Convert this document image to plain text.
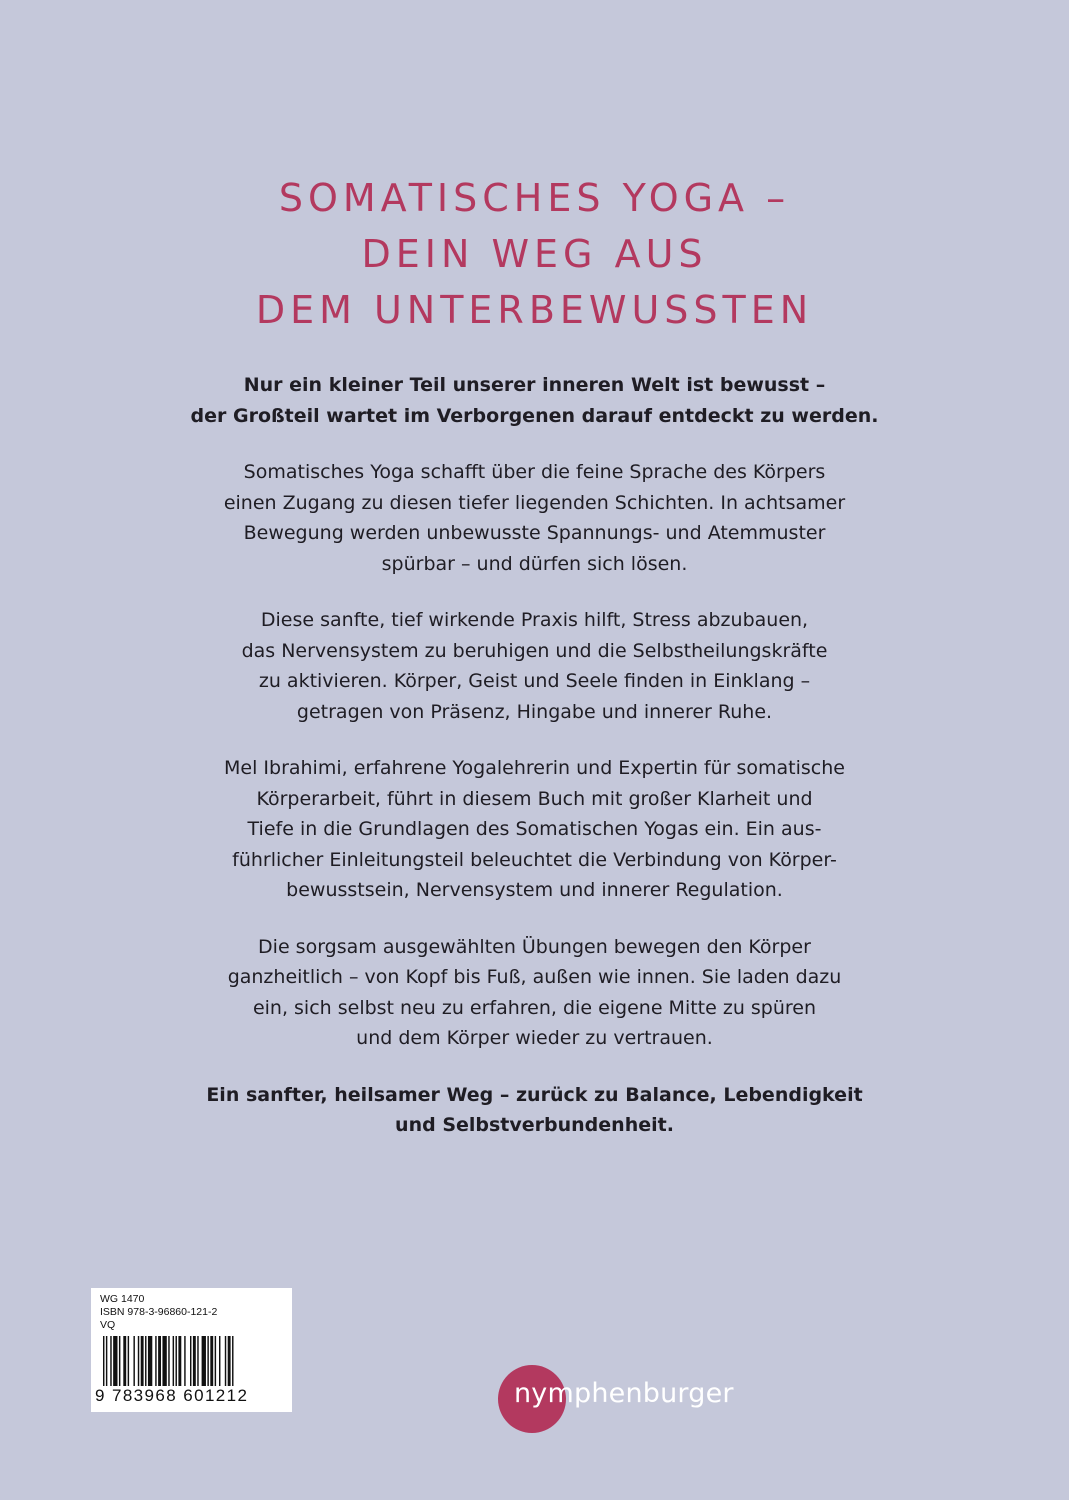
SOMATISCHES YOGA –
DEIN WEG AUS
DEM UNTERBEWUSSTEN

Nur ein kleiner Teil unserer inneren Welt ist bewusst –
der Großteil wartet im Verborgenen darauf entdeckt zu werden.

Somatisches Yoga schafft über die feine Sprache des Körpers
einen Zugang zu diesen tiefer liegenden Schichten. In achtsamer
Bewegung werden unbewusste Spannungs- und Atemmuster
spürbar – und dürfen sich lösen.

Diese sanfte, tief wirkende Praxis hilft, Stress abzubauen,
das Nervensystem zu beruhigen und die Selbstheilungskräfte
zu aktivieren. Körper, Geist und Seele finden in Einklang –
getragen von Präsenz, Hingabe und innerer Ruhe.

Mel Ibrahimi, erfahrene Yogalehrerin und Expertin für somatische
Körperarbeit, führt in diesem Buch mit großer Klarheit und
Tiefe in die Grundlagen des Somatischen Yogas ein. Ein aus-
führlicher Einleitungsteil beleuchtet die Verbindung von Körper-
bewusstsein, Nervensystem und innerer Regulation.

Die sorgsam ausgewählten Übungen bewegen den Körper
ganzheitlich – von Kopf bis Fuß, außen wie innen. Sie laden dazu
ein, sich selbst neu zu erfahren, die eigene Mitte zu spüren
und dem Körper wieder zu vertrauen.

Ein sanfter, heilsamer Weg – zurück zu Balance, Lebendigkeit
und Selbstverbundenheit.

WG 1470
ISBN 978-3-96860-121-2
VQ
9 783968 601212	nymphenburger
